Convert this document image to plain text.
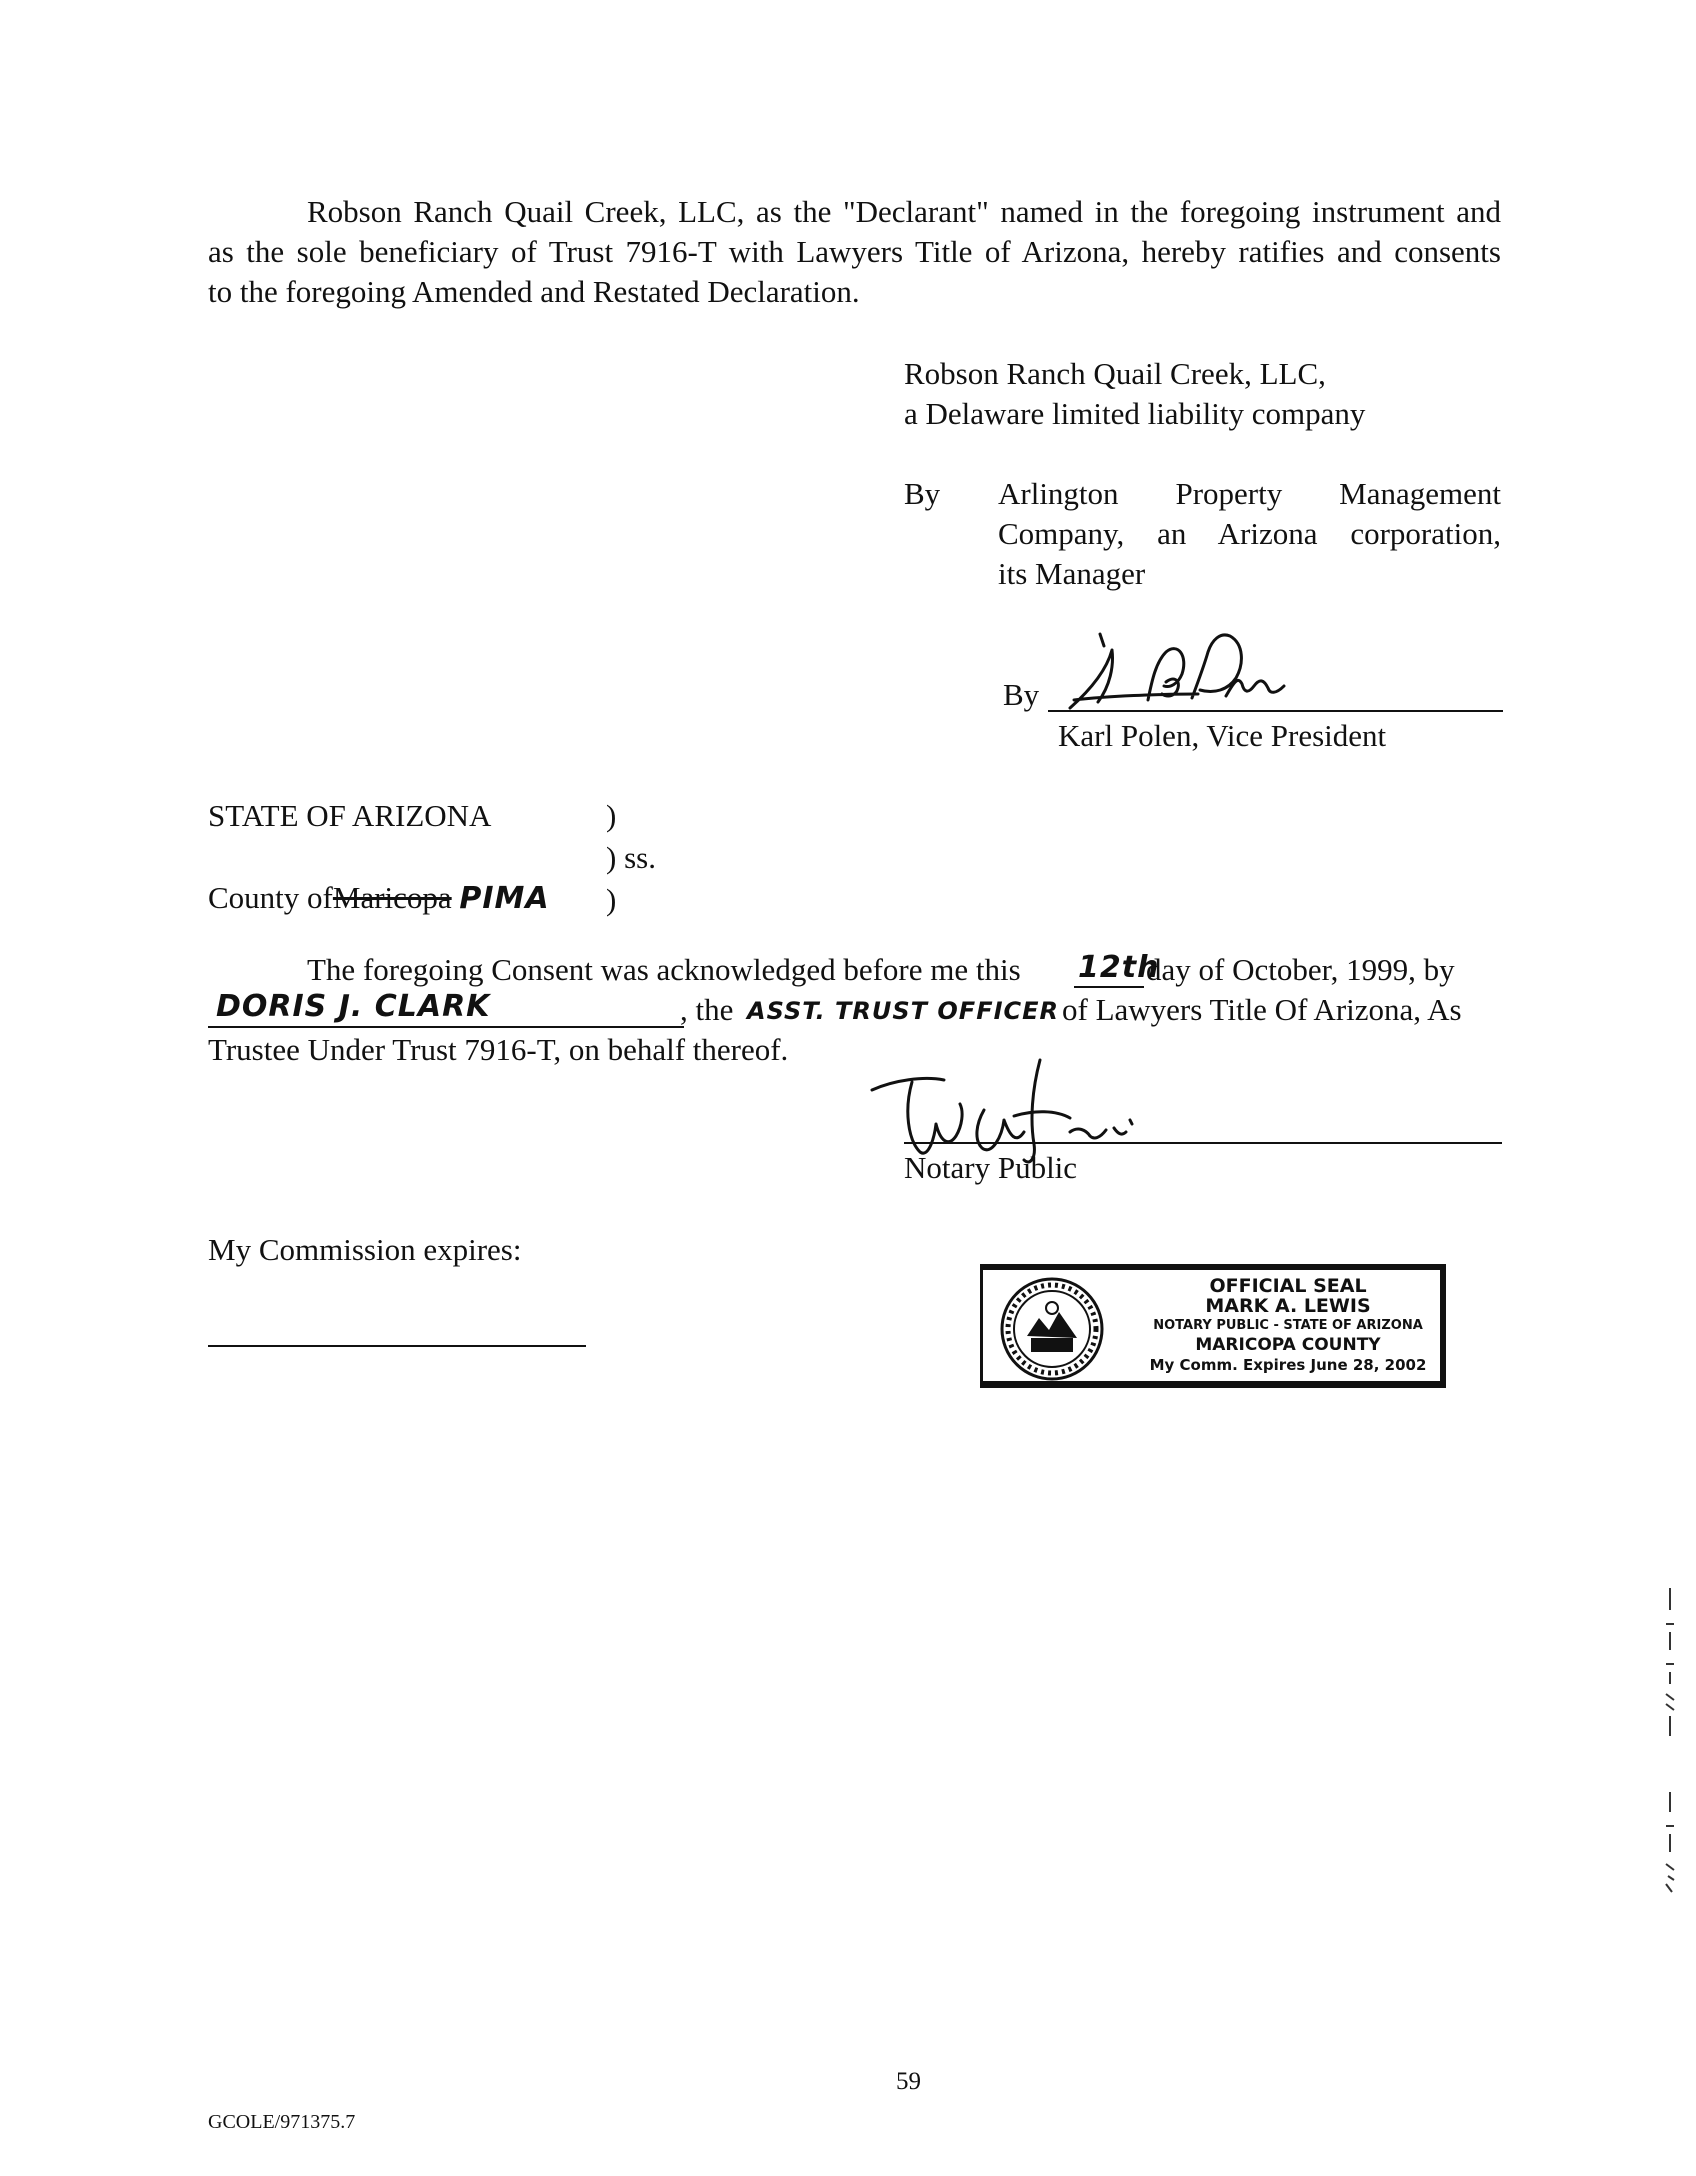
Robson Ranch Quail Creek, LLC, as the "Declarant" named in the foregoing instrument and
as the sole beneficiary of Trust 7916-T with Lawyers Title of Arizona, hereby ratifies and consents
to the foregoing Amended and Restated Declaration.
Robson Ranch Quail Creek, LLC,
a Delaware limited liability company
By Arlington Property Management
Company, an Arizona corporation,
its Manager
By
Karl Polen, Vice President
STATE OF ARIZONA	)
) ss.
County ofMaricopa PIMA )
The foregoing Consent was acknowledged before me this 12th
day of October, 1999, by
DORIS J. CLARK	, the ASST. TRUST OFFICER of Lawyers Title Of Arizona, As
Trustee Under Trust 7916-T, on behalf thereof.
Notary Public
My Commission expires:
OFFICIAL SEAL
MARK A. LEWIS
NOTARY PUBLIC - STATE OF ARIZONA
MARICOPA COUNTY
My Comm. Expires June 28, 2002
59
GCOLE/971375.7
